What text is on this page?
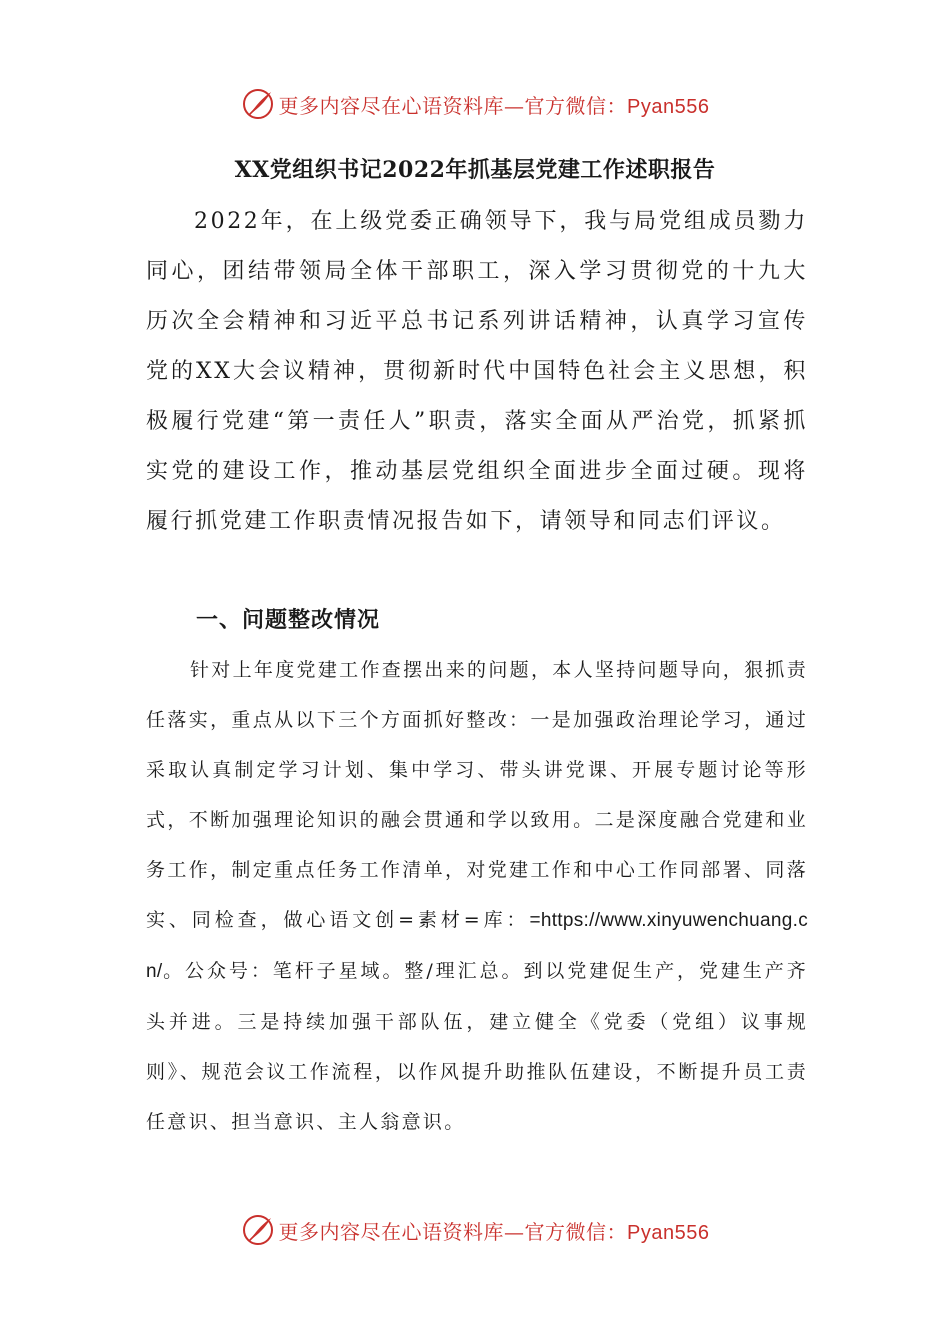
更多内容尽在心语资料库—官方微信：Pyan556
XX党组织书记2022年抓基层党建工作述职报告

2022年，在上级党委正确领导下，我与局党组成员勠力同心，团结带领局全体干部职工，深入学习贯彻党的十九大历次全会精神和习近平总书记系列讲话精神，认真学习宣传党的XX大会议精神，贯彻新时代中国特色社会主义思想，积极履行党建“第一责任人”职责，落实全面从严治党，抓紧抓实党的建设工作，推动基层党组织全面进步全面过硬。现将履行抓党建工作职责情况报告如下，请领导和同志们评议。

一、问题整改情况

针对上年度党建工作查摆出来的问题，本人坚持问题导向，狠抓责任落实，重点从以下三个方面抓好整改：一是加强政治理论学习，通过采取认真制定学习计划、集中学习、带头讲党课、开展专题讨论等形式，不断加强理论知识的融会贯通和学以致用。二是深度融合党建和业务工作，制定重点任务工作清单，对党建工作和中心工作同部署、同落实、同检查，做心语文创=素材=库：=https://www.xinyuwenchuang.cn/。公众号：笔杆子星域。整/理汇总。到以党建促生产，党建生产齐头并进。三是持续加强干部队伍，建立健全《党委（党组）议事规则》、规范会议工作流程，以作风提升助推队伍建设，不断提升员工责任意识、担当意识、主人翁意识。

更多内容尽在心语资料库—官方微信：Pyan556
